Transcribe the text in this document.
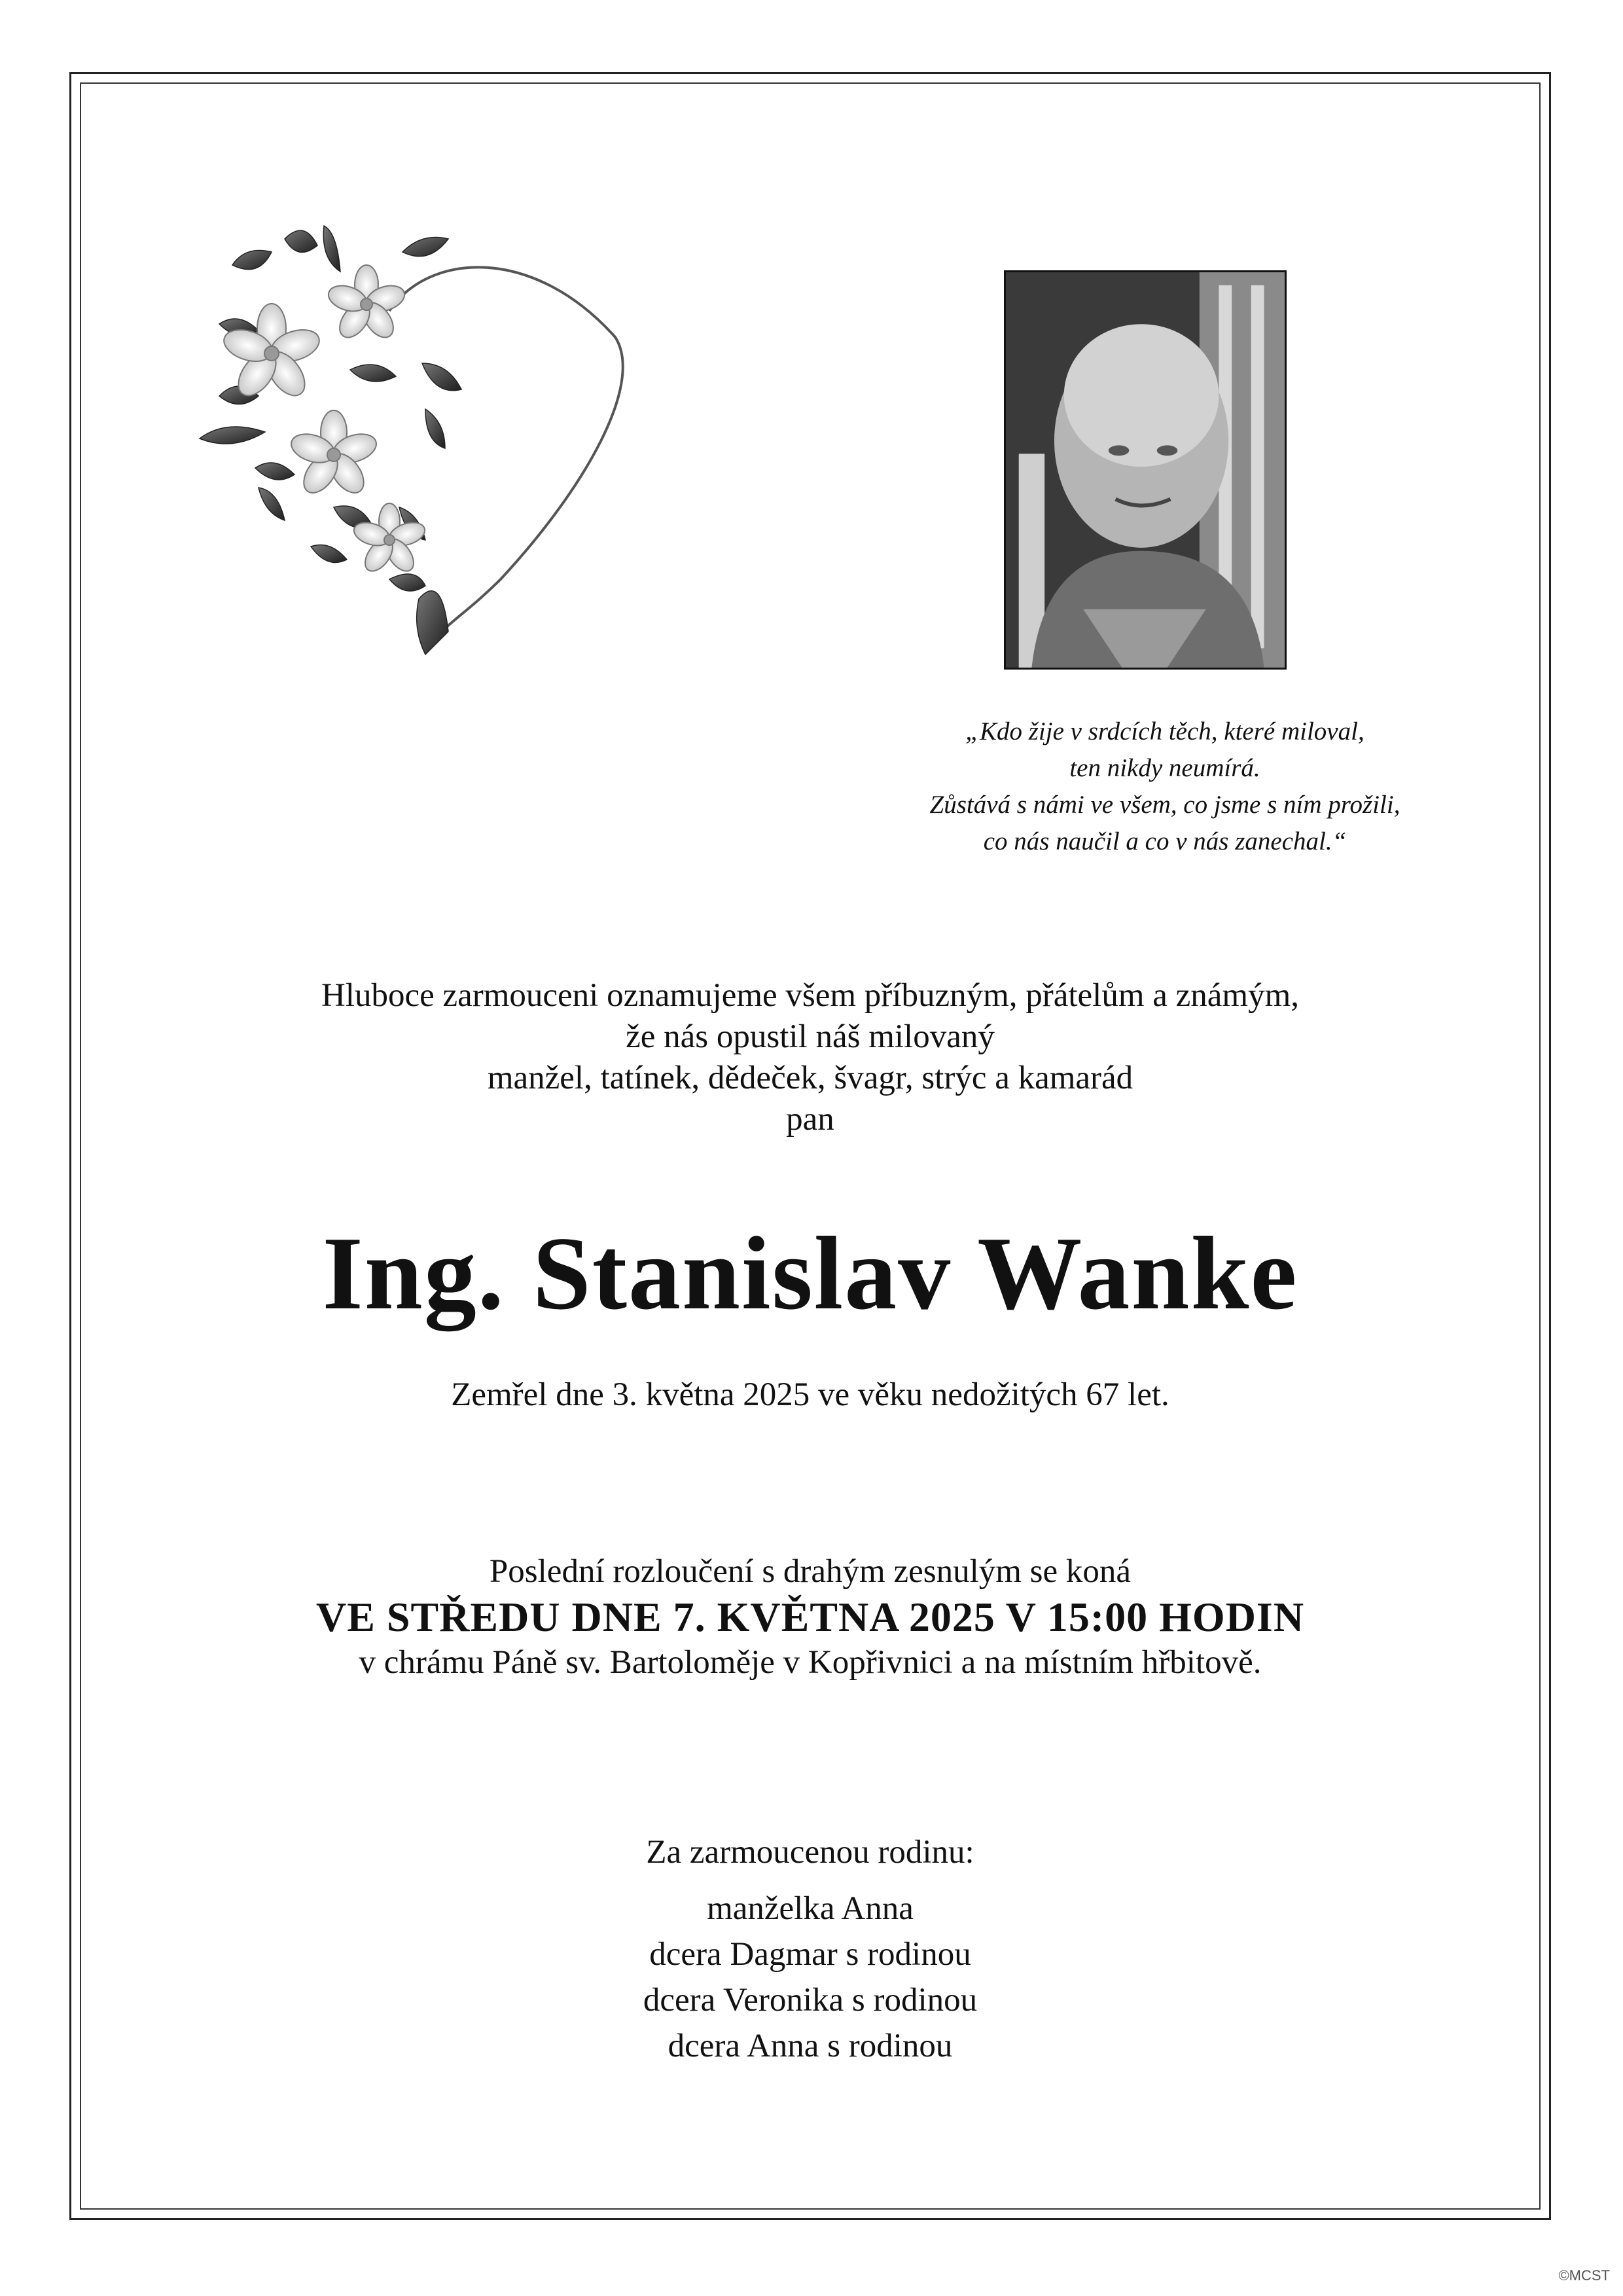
„Kdo žije v srdcích těch, které miloval,
ten nikdy neumírá.
Zůstává s námi ve všem, co jsme s ním prožili,
co nás naučil a co v nás zanechal.“
Hluboce zarmouceni oznamujeme všem příbuzným, přátelům a známým,
že nás opustil náš milovaný
manžel, tatínek, dědeček, švagr, strýc a kamarád
pan
Ing. Stanislav Wanke
Zemřel dne 3. května 2025 ve věku nedožitých 67 let.
Poslední rozloučení s drahým zesnulým se koná
VE STŘEDU DNE 7. KVĚTNA 2025 V 15:00 HODIN
v chrámu Páně sv. Bartoloměje v Kopřivnici a na místním hřbitově.
Za zarmoucenou rodinu:
manželka Anna
dcera Dagmar s rodinou
dcera Veronika s rodinou
dcera Anna s rodinou
©MCST
